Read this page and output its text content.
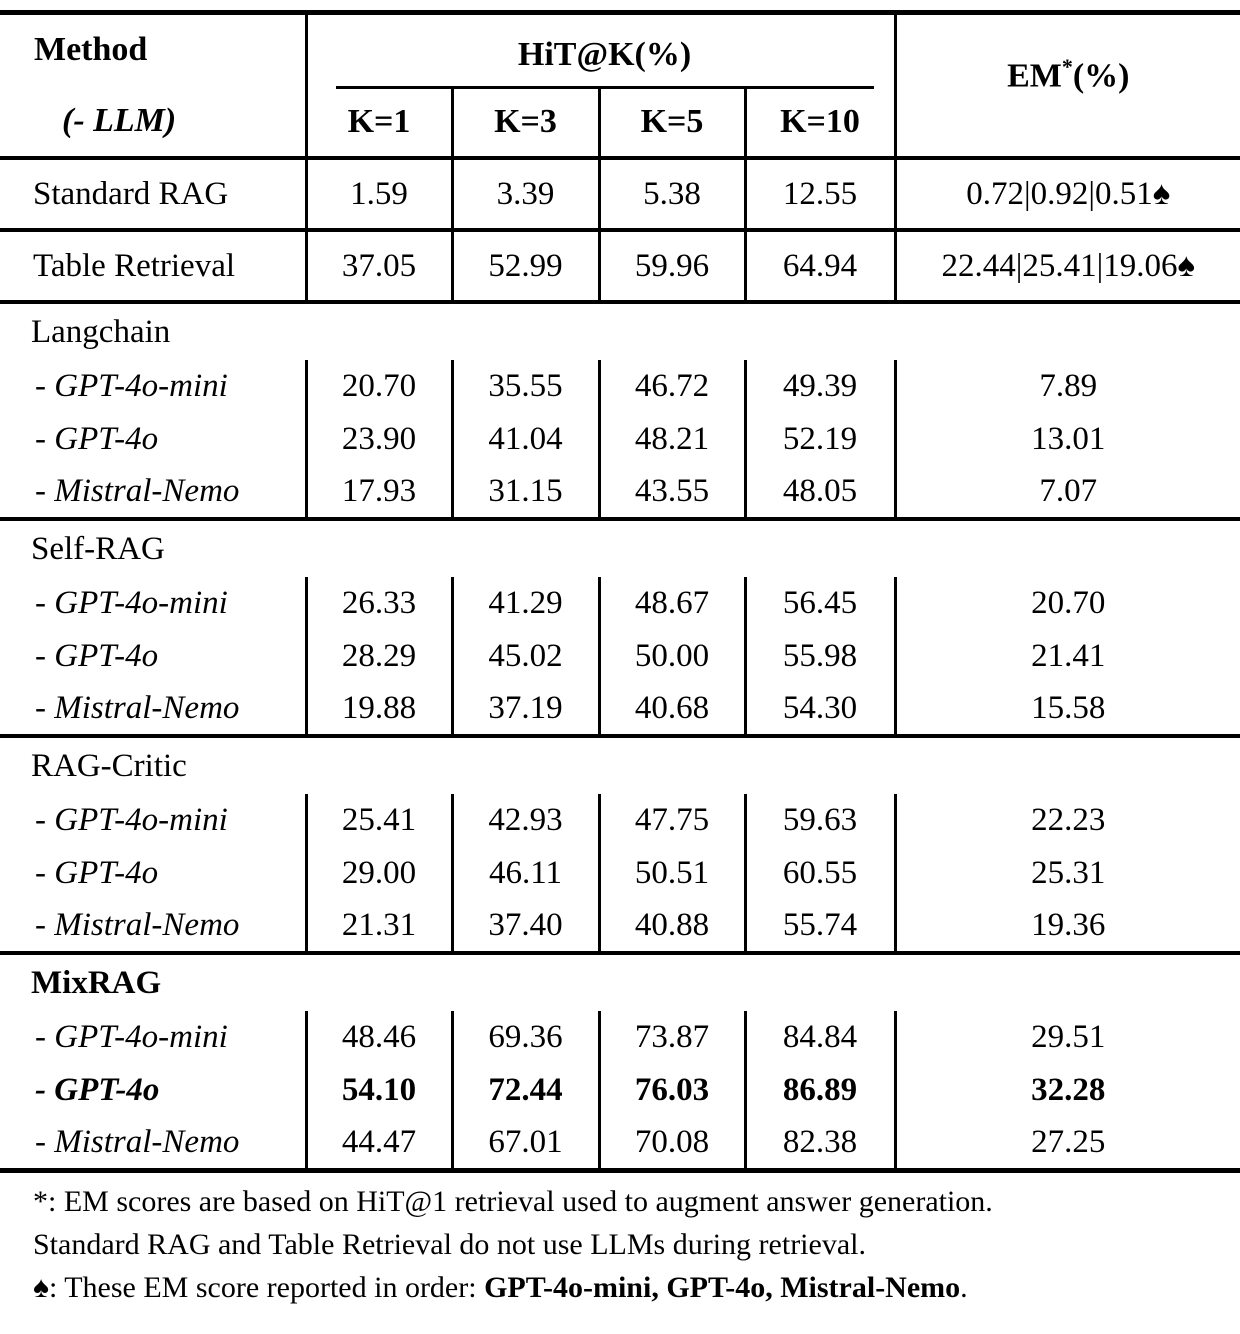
Method
(- LLM)	HiT@K(%)				EM*(%)
	K=1	K=3	K=5	K=10	
Standard RAG	1.59	3.39	5.38	12.55	0.72|0.92|0.51♠
Table Retrieval	37.05	52.99	59.96	64.94	22.44|25.41|19.06♠
Langchain					
- GPT-4o-mini	20.70	35.55	46.72	49.39	7.89
- GPT-4o	23.90	41.04	48.21	52.19	13.01
- Mistral-Nemo	17.93	31.15	43.55	48.05	7.07
Self-RAG					
- GPT-4o-mini	26.33	41.29	48.67	56.45	20.70
- GPT-4o	28.29	45.02	50.00	55.98	21.41
- Mistral-Nemo	19.88	37.19	40.68	54.30	15.58
RAG-Critic					
- GPT-4o-mini	25.41	42.93	47.75	59.63	22.23
- GPT-4o	29.00	46.11	50.51	60.55	25.31
- Mistral-Nemo	21.31	37.40	40.88	55.74	19.36
MixRAG					
- GPT-4o-mini	48.46	69.36	73.87	84.84	29.51
- GPT-4o	54.10	72.44	76.03	86.89	32.28
- Mistral-Nemo	44.47	67.01	70.08	82.38	27.25
*: EM scores are based on HiT@1 retrieval used to augment answer generation.
Standard RAG and Table Retrieval do not use LLMs during retrieval.
♠: These EM score reported in order: GPT-4o-mini, GPT-4o, Mistral-Nemo.
